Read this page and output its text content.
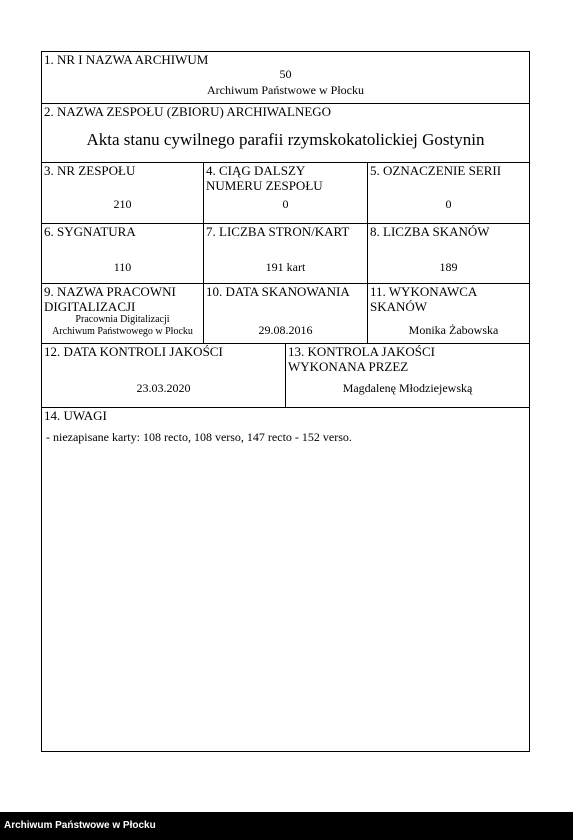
1. NR I NAZWA ARCHIWUM
50
Archiwum Państwowe w Płocku
2. NAZWA ZESPOŁU (ZBIORU) ARCHIWALNEGO
Akta stanu cywilnego parafii rzymskokatolickiej Gostynin
3. NR ZESPOŁU
210
4. CIĄG DALSZY NUMERU ZESPOŁU
0
5. OZNACZENIE SERII
0
6. SYGNATURA
110
7. LICZBA STRON/KART
191 kart
8. LICZBA SKANÓW
189
9. NAZWA PRACOWNI DIGITALIZACJI
Pracownia Digitalizacji
Archiwum Państwowego w Płocku
10. DATA SKANOWANIA
29.08.2016
11. WYKONAWCA SKANÓW
Monika Żabowska
12. DATA KONTROLI JAKOŚCI
23.03.2020
13. KONTROLA JAKOŚCI WYKONANA PRZEZ
Magdalenę Młodziejewską
14. UWAGI
- niezapisane karty: 108 recto, 108 verso, 147 recto - 152 verso.
Archiwum Państwowe w Płocku
